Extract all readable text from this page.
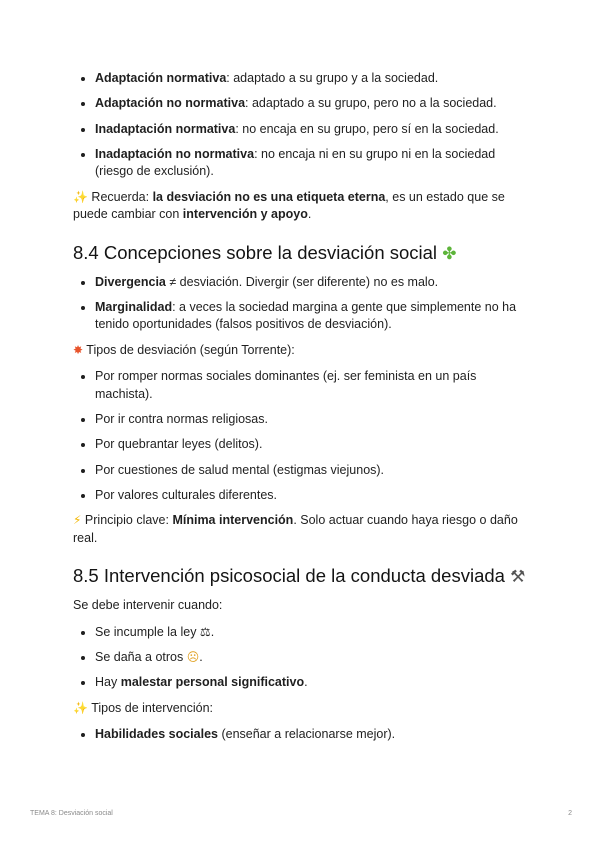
• Adaptación normativa: adaptado a su grupo y a la sociedad.
• Adaptación no normativa: adaptado a su grupo, pero no a la sociedad.
• Inadaptación normativa: no encaja en su grupo, pero sí en la sociedad.
• Inadaptación no normativa: no encaja ni en su grupo ni en la sociedad (riesgo de exclusión).

✨ Recuerda: la desviación no es una etiqueta eterna, es un estado que se puede cambiar con intervención y apoyo.

8.4 Concepciones sobre la desviación social ✤
• Divergencia ≠ desviación. Divergir (ser diferente) no es malo.
• Marginalidad: a veces la sociedad margina a gente que simplemente no ha tenido oportunidades (falsos positivos de desviación).

✸ Tipos de desviación (según Torrente):

• Por romper normas sociales dominantes (ej. ser feminista en un país machista).
• Por ir contra normas religiosas.
• Por quebrantar leyes (delitos).
• Por cuestiones de salud mental (estigmas viejunos).
• Por valores culturales diferentes.

⚡ Principio clave: Mínima intervención. Solo actuar cuando haya riesgo o daño real.

8.5 Intervención psicosocial de la conducta desviada ⚒

Se debe intervenir cuando:

• Se incumple la ley ⚖.
• Se daña a otros ☹.
• Hay malestar personal significativo.

✨ Tipos de intervención:

• Habilidades sociales (enseñar a relacionarse mejor).
TEMA 8: Desviación social	2
